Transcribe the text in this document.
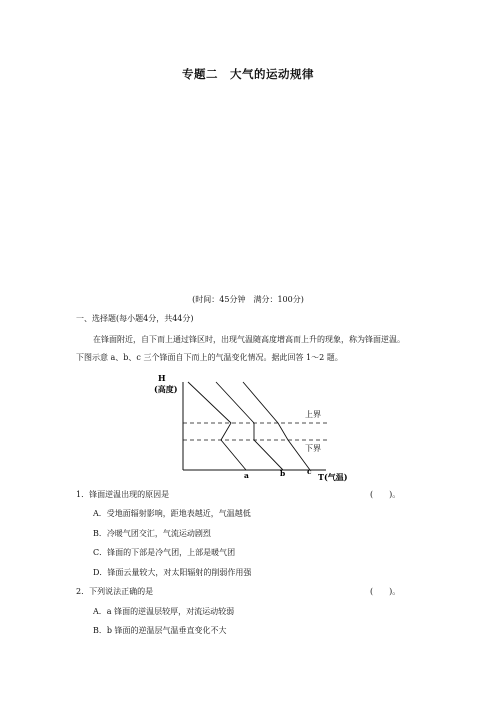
专题二　大气的运动规律
(时间：45分钟　满分：100分)
一、选择题(每小题4分，共44分)
在锋面附近，自下而上通过锋区时，出现气温随高度增高而上升的现象，称为锋面逆温。
下图示意 a、b、c 三个锋面自下而上的气温变化情况。据此回答 1～2 题。
H
(高度)
上界
下界
a	b	c
T(气温)
1．锋面逆温出现的原因是	(　　)。
A．受地面辐射影响，距地表越近，气温越低
B．冷暖气团交汇，气流运动剧烈
C．锋面的下部是冷气团，上部是暖气团
D．锋面云量较大，对太阳辐射的削弱作用强
2．下列说法正确的是	(　　)。
A．a 锋面的逆温层较厚，对流运动较弱
B．b 锋面的逆温层气温垂直变化不大
